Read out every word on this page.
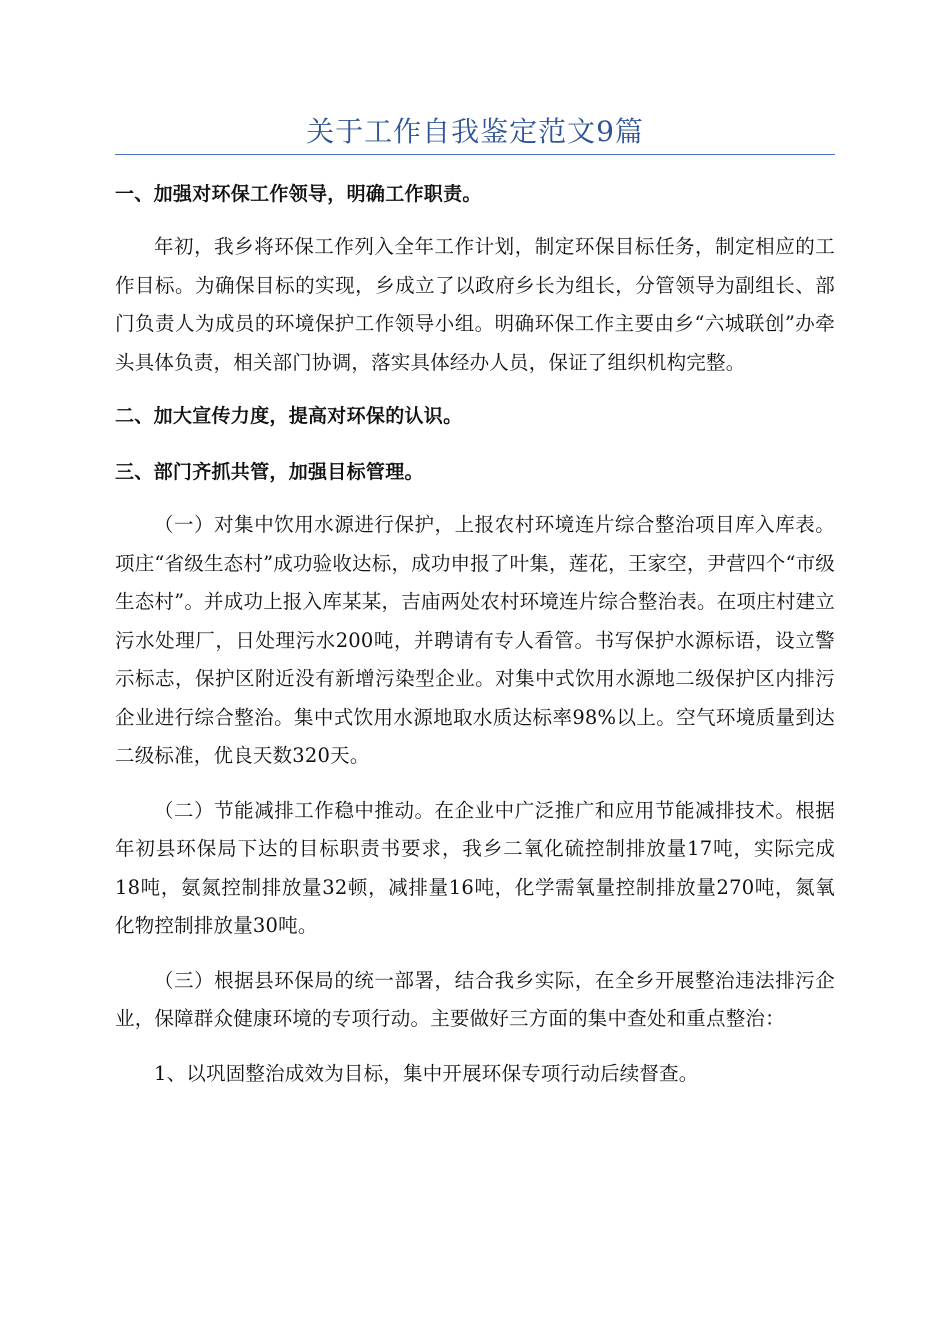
关于工作自我鉴定范文9篇

一、加强对环保工作领导，明确工作职责。

年初，我乡将环保工作列入全年工作计划，制定环保目标任务，制定相应的工作目标。为确保目标的实现，乡成立了以政府乡长为组长，分管领导为副组长、部门负责人为成员的环境保护工作领导小组。明确环保工作主要由乡“六城联创”办牵头具体负责，相关部门协调，落实具体经办人员，保证了组织机构完整。

二、加大宣传力度，提高对环保的认识。

三、部门齐抓共管，加强目标管理。

（一）对集中饮用水源进行保护，上报农村环境连片综合整治项目库入库表。项庄“省级生态村”成功验收达标，成功申报了叶集，莲花，王家空，尹营四个“市级生态村”。并成功上报入库某某，吉庙两处农村环境连片综合整治表。在项庄村建立污水处理厂，日处理污水200吨，并聘请有专人看管。书写保护水源标语，设立警示标志，保护区附近没有新增污染型企业。对集中式饮用水源地二级保护区内排污企业进行综合整治。集中式饮用水源地取水质达标率98%以上。空气环境质量到达二级标准，优良天数320天。

（二）节能减排工作稳中推动。在企业中广泛推广和应用节能减排技术。根据年初县环保局下达的目标职责书要求，我乡二氧化硫控制排放量17吨，实际完成18吨，氨氮控制排放量32顿，减排量16吨，化学需氧量控制排放量270吨，氮氧化物控制排放量30吨。

（三）根据县环保局的统一部署，结合我乡实际，在全乡开展整治违法排污企业，保障群众健康环境的专项行动。主要做好三方面的集中查处和重点整治：

1、以巩固整治成效为目标，集中开展环保专项行动后续督查。
